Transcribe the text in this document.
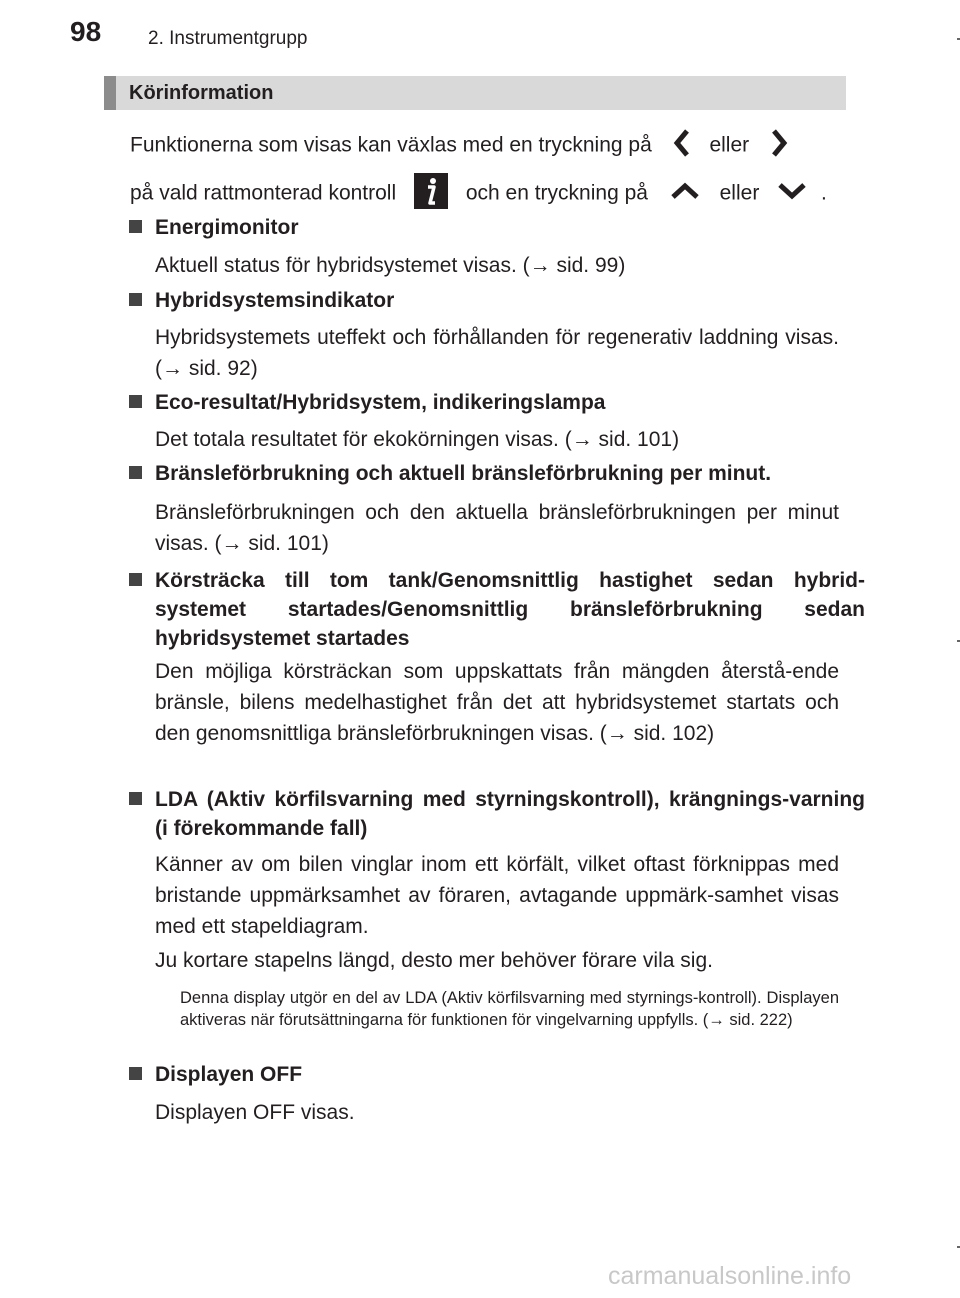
98 2. Instrumentgrupp
Körinformation
Funktionerna som visas kan växlas med en tryckning på	eller
på vald rattmonterad kontroll	och en tryckning på	eller	.
Energimonitor
Aktuell status för hybridsystemet visas. (→ sid. 99)
Hybridsystemsindikator
Hybridsystemets uteffekt och förhållanden för regenerativ laddning visas. (→ sid. 92)
Eco-resultat/Hybridsystem, indikeringslampa
Det totala resultatet för ekokörningen visas. (→ sid. 101)
Bränsleförbrukning och aktuell bränsleförbrukning per minut.
Bränsleförbrukningen och den aktuella bränsleförbrukningen per minut visas. (→ sid. 101)
Körsträcka till tom tank/Genomsnittlig hastighet sedan hybrid-systemet startades/Genomsnittlig bränsleförbrukning sedan hybridsystemet startades
Den möjliga körsträckan som uppskattats från mängden återstå-ende bränsle, bilens medelhastighet från det att hybridsystemet startats och den genomsnittliga bränsleförbrukningen visas. (→ sid. 102)
LDA (Aktiv körfilsvarning med styrningskontroll), krängnings-varning (i förekommande fall)
Känner av om bilen vinglar inom ett körfält, vilket oftast förknippas med bristande uppmärksamhet av föraren, avtagande uppmärk-samhet visas med ett stapeldiagram.
Ju kortare stapelns längd, desto mer behöver förare vila sig.
Denna display utgör en del av LDA (Aktiv körfilsvarning med styrnings-kontroll). Displayen aktiveras när förutsättningarna för funktionen för vingelvarning uppfylls. (→ sid. 222)
Displayen OFF
Displayen OFF visas.
carmanualsonline.info
